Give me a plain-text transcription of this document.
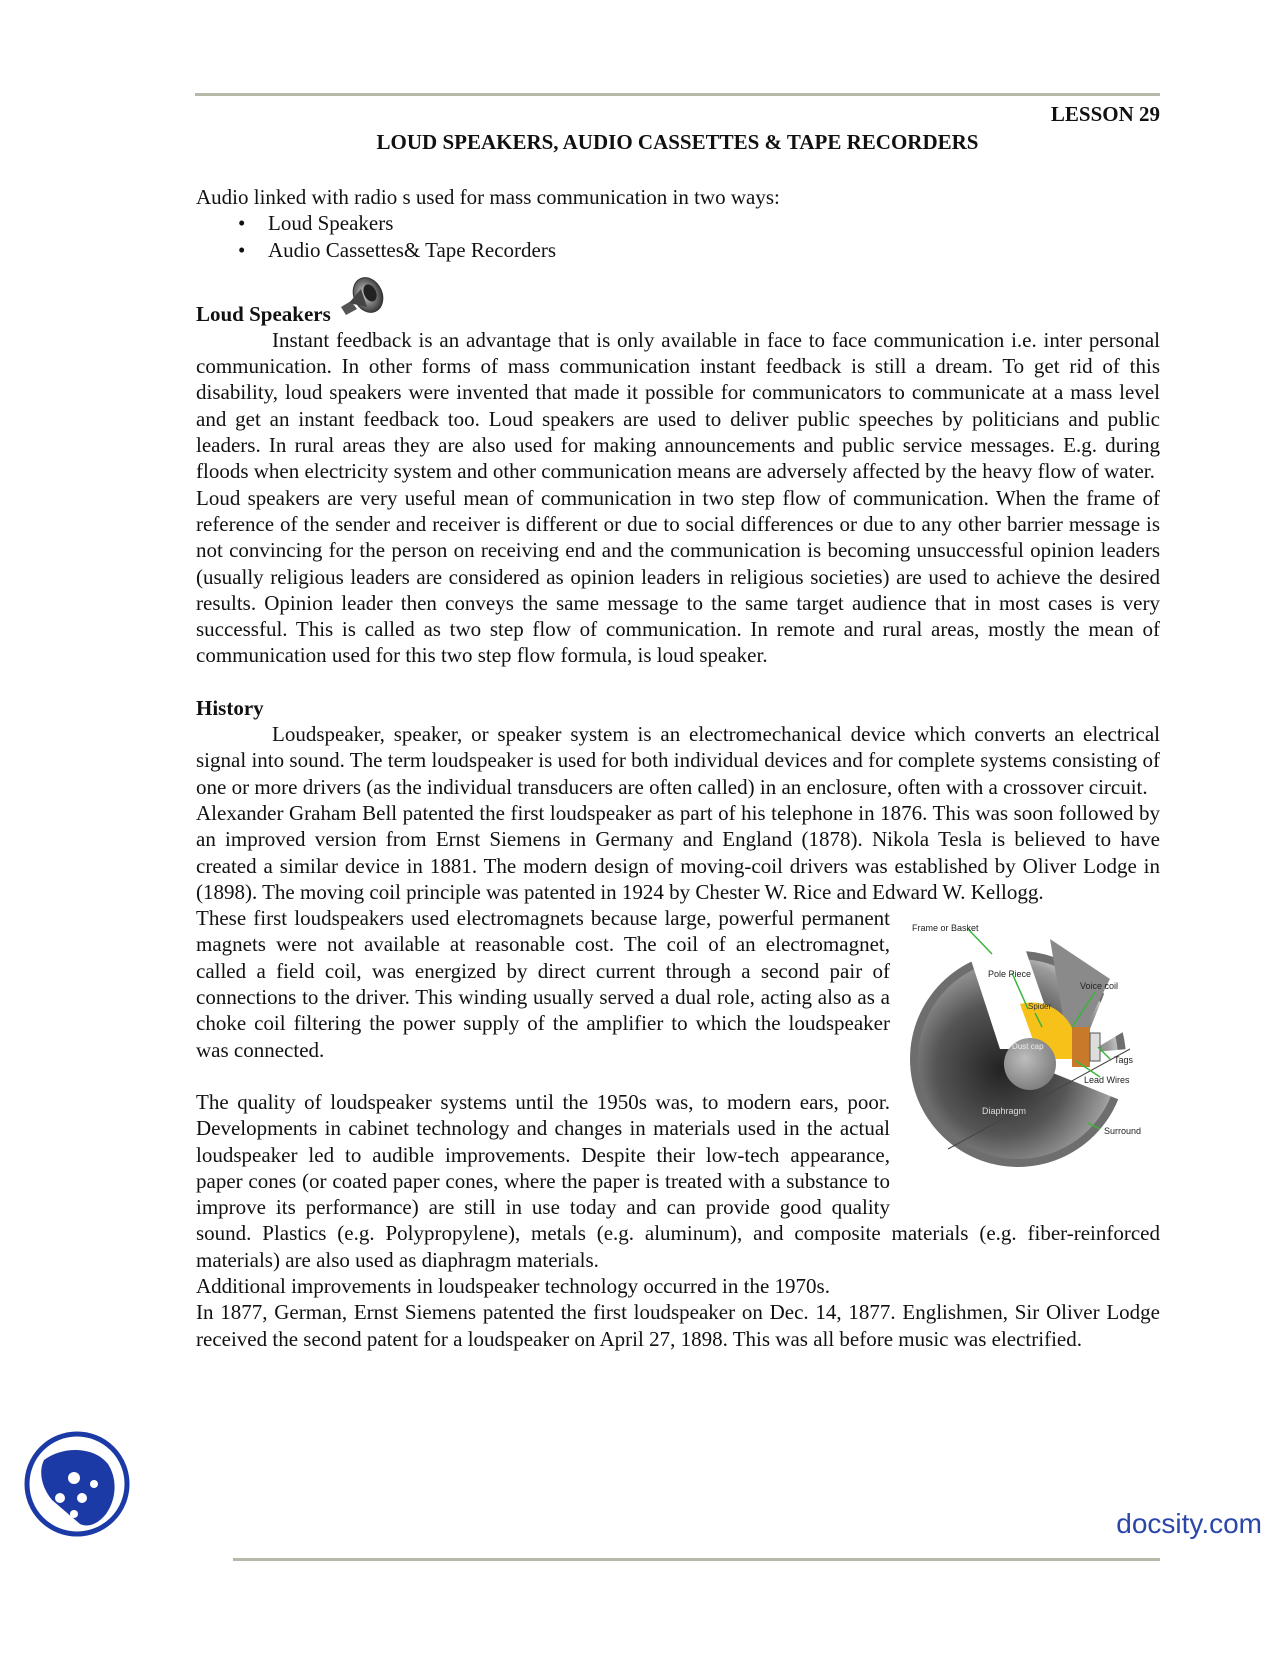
LESSON 29
LOUD SPEAKERS, AUDIO CASSETTES & TAPE RECORDERS

Audio linked with radio s used for mass communication in two ways:

• Loud Speakers
• Audio Cassettes& Tape Recorders
Loud Speakers

Instant feedback is an advantage that is only available in face to face communication i.e. inter personal communication. In other forms of mass communication instant feedback is still a dream. To get rid of this disability, loud speakers were invented that made it possible for communicators to communicate at a mass level and get an instant feedback too. Loud speakers are used to deliver public speeches by politicians and public leaders. In rural areas they are also used for making announcements and public service messages. E.g. during floods when electricity system and other communication means are adversely affected by the heavy flow of water.

Loud speakers are very useful mean of communication in two step flow of communication. When the frame of reference of the sender and receiver is different or due to social differences or due to any other barrier message is not convincing for the person on receiving end and the communication is becoming unsuccessful opinion leaders (usually religious leaders are considered as opinion leaders in religious societies) are used to achieve the desired results. Opinion leader then conveys the same message to the same target audience that in most cases is very successful. This is called as two step flow of communication. In remote and rural areas, mostly the mean of communication used for this two step flow formula, is loud speaker.

History

Loudspeaker, speaker, or speaker system is an electromechanical device which converts an electrical signal into sound. The term loudspeaker is used for both individual devices and for complete systems consisting of one or more drivers (as the individual transducers are often called) in an enclosure, often with a crossover circuit.

Alexander Graham Bell patented the first loudspeaker as part of his telephone in 1876. This was soon followed by an improved version from Ernst Siemens in Germany and England (1878). Nikola Tesla is believed to have created a similar device in 1881. The modern design of moving-coil drivers was established by Oliver Lodge in (1898). The moving coil principle was patented in 1924 by Chester W. Rice and Edward W. Kellogg.

Frame or Basket
Pole Piece
Voice coil
Spider
Dust cap
Tags
Lead Wires
Diaphragm
Surround

These first loudspeakers used electromagnets because large, powerful permanent magnets were not available at reasonable cost. The coil of an electromagnet, called a field coil, was energized by direct current through a second pair of connections to the driver. This winding usually served a dual role, acting also as a choke coil filtering the power supply of the amplifier to which the loudspeaker was connected.

The quality of loudspeaker systems until the 1950s was, to modern ears, poor. Developments in cabinet technology and changes in materials used in the actual loudspeaker led to audible improvements. Despite their low-tech appearance, paper cones (or coated paper cones, where the paper is treated with a substance to improve its performance) are still in use today and can provide good quality sound. Plastics (e.g. Polypropylene), metals (e.g. aluminum), and composite materials (e.g. fiber-reinforced materials) are also used as diaphragm materials.

Additional improvements in loudspeaker technology occurred in the 1970s.

In 1877, German, Ernst Siemens patented the first loudspeaker on Dec. 14, 1877. Englishmen, Sir Oliver Lodge received the second patent for a loudspeaker on April 27, 1898. This was all before music was electrified.

docsity.com
